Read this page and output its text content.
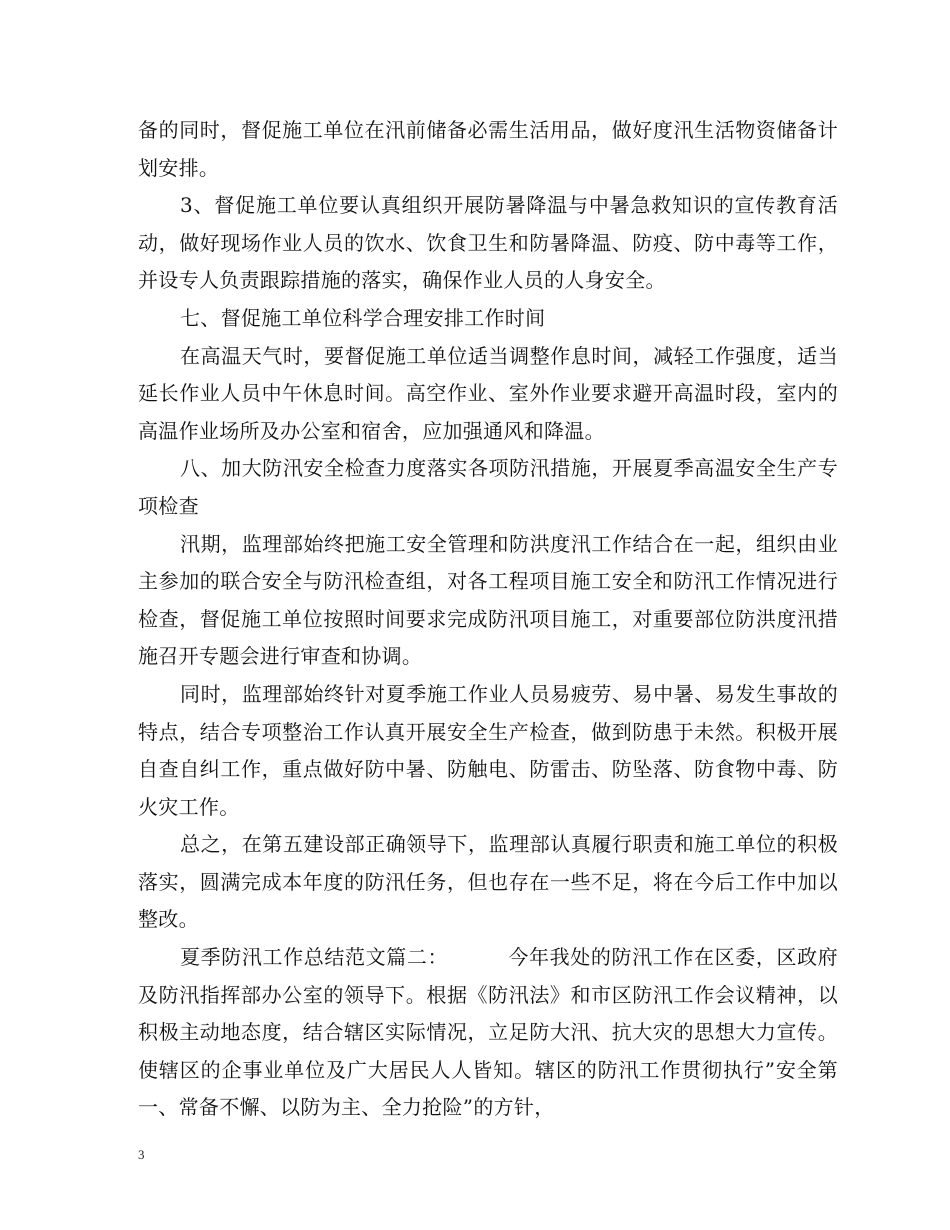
备的同时，督促施工单位在汛前储备必需生活用品，做好度汛生活物资储备计划安排。

3、督促施工单位要认真组织开展防暑降温与中暑急救知识的宣传教育活动，做好现场作业人员的饮水、饮食卫生和防暑降温、防疫、防中毒等工作，并设专人负责跟踪措施的落实，确保作业人员的人身安全。

七、督促施工单位科学合理安排工作时间

在高温天气时，要督促施工单位适当调整作息时间，减轻工作强度，适当延长作业人员中午休息时间。高空作业、室外作业要求避开高温时段，室内的高温作业场所及办公室和宿舍，应加强通风和降温。

八、加大防汛安全检查力度落实各项防汛措施，开展夏季高温安全生产专项检查

汛期，监理部始终把施工安全管理和防洪度汛工作结合在一起，组织由业主参加的联合安全与防汛检查组，对各工程项目施工安全和防汛工作情况进行检查，督促施工单位按照时间要求完成防汛项目施工，对重要部位防洪度汛措施召开专题会进行审查和协调。

同时，监理部始终针对夏季施工作业人员易疲劳、易中暑、易发生事故的特点，结合专项整治工作认真开展安全生产检查，做到防患于未然。积极开展自查自纠工作，重点做好防中暑、防触电、防雷击、防坠落、防食物中毒、防火灾工作。

总之，在第五建设部正确领导下，监理部认真履行职责和施工单位的积极落实，圆满完成本年度的防汛任务，但也存在一些不足，将在今后工作中加以整改。

夏季防汛工作总结范文篇二：	今年我处的防汛工作在区委，区政府及防汛指挥部办公室的领导下。根据《防汛法》和市区防汛工作会议精神，以积极主动地态度，结合辖区实际情况，立足防大汛、抗大灾的思想大力宣传。使辖区的企事业单位及广大居民人人皆知。辖区的防汛工作贯彻执行”安全第一、常备不懈、以防为主、全力抢险”的方针，

3
